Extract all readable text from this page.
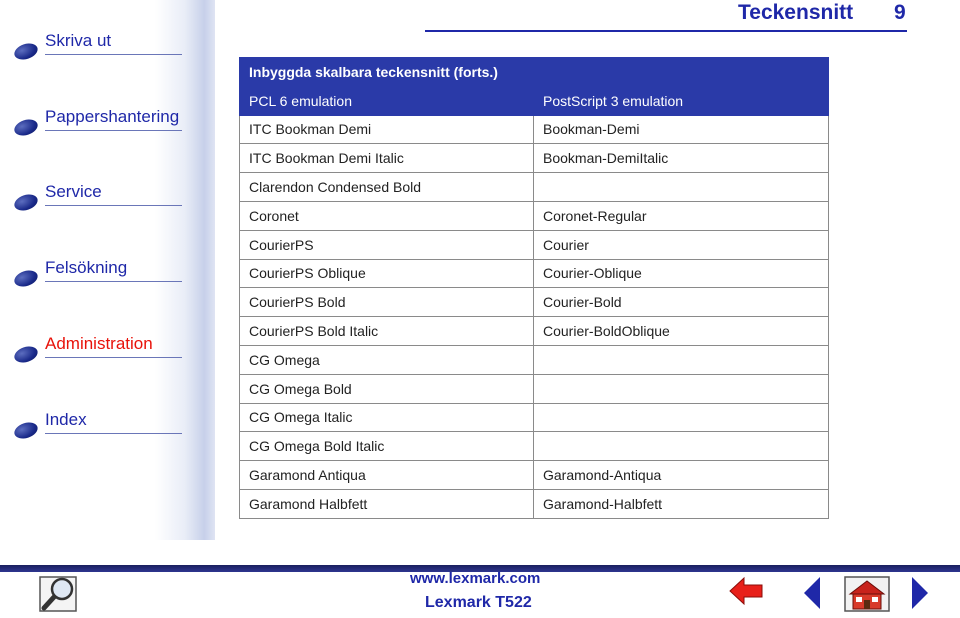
Skriva ut
Pappershantering
Service
Felsökning
Administration
Index
Teckensnitt 9
Inbyggda skalbara teckensnitt (forts.)	
PCL 6 emulation	PostScript 3 emulation
ITC Bookman Demi	Bookman-Demi
ITC Bookman Demi Italic	Bookman-DemiItalic
Clarendon Condensed Bold	
Coronet	Coronet-Regular
CourierPS	Courier
CourierPS Oblique	Courier-Oblique
CourierPS Bold	Courier-Bold
CourierPS Bold Italic	Courier-BoldOblique
CG Omega	
CG Omega Bold	
CG Omega Italic	
CG Omega Bold Italic	
Garamond Antiqua	Garamond-Antiqua
Garamond Halbfett	Garamond-Halbfett
www.lexmark.com
Lexmark T522
